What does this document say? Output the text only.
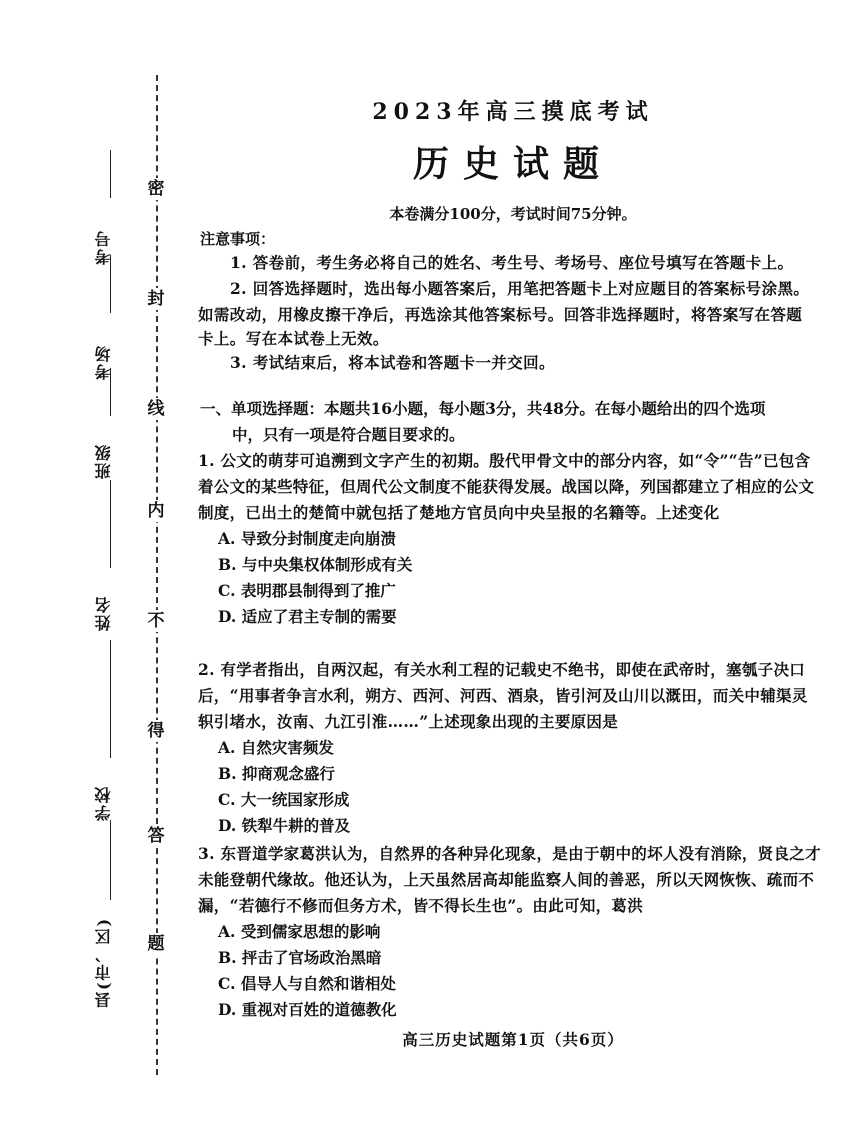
密
封
线
内
不
得
答
题
考号
考场
班级
姓名
学校
县(市、区)
2023年高三摸底考试
历史试题
本卷满分100分，考试时间75分钟。
注意事项：
1. 答卷前，考生务必将自己的姓名、考生号、考场号、座位号填写在答题卡上。
2. 回答选择题时，选出每小题答案后，用笔把答题卡上对应题目的答案标号涂黑。
如需改动，用橡皮擦干净后，再选涂其他答案标号。回答非选择题时，将答案写在答题
卡上。写在本试卷上无效。
3. 考试结束后，将本试卷和答题卡一并交回。
一、单项选择题：本题共16小题，每小题3分，共48分。在每小题给出的四个选项
中，只有一项是符合题目要求的。
1. 公文的萌芽可追溯到文字产生的初期。殷代甲骨文中的部分内容，如“令”“告”已包含着公文的某些特征，但周代公文制度不能获得发展。战国以降，列国都建立了相应的公文制度，已出土的楚简中就包括了楚地方官员向中央呈报的名籍等。上述变化
A. 导致分封制度走向崩溃
B. 与中央集权体制形成有关
C. 表明郡县制得到了推广
D. 适应了君主专制的需要
2. 有学者指出，自两汉起，有关水利工程的记载史不绝书，即使在武帝时，塞瓠子决口后，“用事者争言水利，朔方、西河、河西、酒泉，皆引河及山川以溉田，而关中辅渠灵轵引堵水，汝南、九江引淮……”上述现象出现的主要原因是
A. 自然灾害频发
B. 抑商观念盛行
C. 大一统国家形成
D. 铁犁牛耕的普及
3. 东晋道学家葛洪认为，自然界的各种异化现象，是由于朝中的坏人没有消除，贤良之才未能登朝代缘故。他还认为，上天虽然居高却能监察人间的善恶，所以天网恢恢、疏而不漏，“若德行不修而但务方术，皆不得长生也”。由此可知，葛洪
A. 受到儒家思想的影响
B. 抨击了官场政治黑暗
C. 倡导人与自然和谐相处
D. 重视对百姓的道德教化
高三历史试题第1页（共6页）
